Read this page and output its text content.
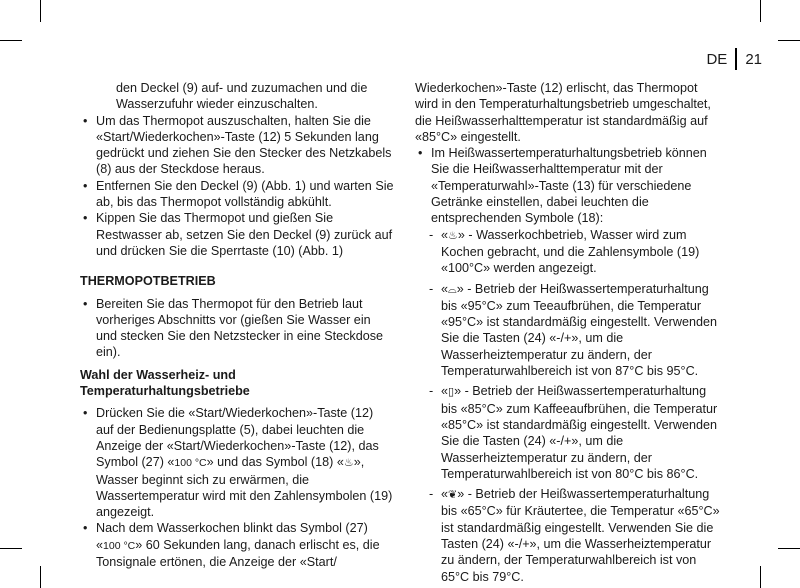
DE 21
den Deckel (9) auf- und zuzumachen und die Wasserzufuhr wieder einzuschalten.
• Um das Thermopot auszuschalten, halten Sie die «Start/Wiederkochen»-Taste (12) 5 Sekunden lang gedrückt und ziehen Sie den Stecker des Netzkabels (8) aus der Steckdose heraus.
• Entfernen Sie den Deckel (9) (Abb. 1) und warten Sie ab, bis das Thermopot vollständig abkühlt.
• Kippen Sie das Thermopot und gießen Sie Restwasser ab, setzen Sie den Deckel (9) zurück auf und drücken Sie die Sperrtaste (10) (Abb. 1)
THERMOPOTBETRIEB
• Bereiten Sie das Thermopot für den Betrieb laut vorheriges Abschnitts vor (gießen Sie Wasser ein und stecken Sie den Netzstecker in eine Steckdose ein).
Wahl der Wasserheiz- und Temperaturhaltungsbetriebe
• Drücken Sie die «Start/Wiederkochen»-Taste (12) auf der Bedienungsplatte (5), dabei leuchten die Anzeige der «Start/Wiederkochen»-Taste (12), das Symbol (27) «100 °C» und das Symbol (18) «♨», Wasser beginnt sich zu erwärmen, die Wassertemperatur wird mit den Zahlensymbolen (19) angezeigt.
• Nach dem Wasserkochen blinkt das Symbol (27) «100 °C» 60 Sekunden lang, danach erlischt es, die Tonsignale ertönen, die Anzeige der «Start/
Wiederkochen»-Taste (12) erlischt, das Thermopot wird in den Temperaturhaltungsbetrieb umgeschaltet, die Heißwasserhalttemperatur ist standardmäßig auf «85°C» eingestellt.
• Im Heißwassertemperaturhaltungsbetrieb können Sie die Heißwasserhalttemperatur mit der «Temperaturwahl»-Taste (13) für verschiedene Getränke einstellen, dabei leuchten die entsprechenden Symbole (18):
- «♨» - Wasserkochbetrieb, Wasser wird zum Kochen gebracht, und die Zahlensymbole (19) «100°C» werden angezeigt.
- «⌓» - Betrieb der Heißwassertemperaturhaltung bis «95°C» zum Teeaufbrühen, die Temperatur «95°C» ist standardmäßig eingestellt. Verwenden Sie die Tasten (24) «-/+», um die Wasserheiztemperatur zu ändern, der Temperaturwahlbereich ist von 87°C bis 95°C.
- «▯» - Betrieb der Heißwassertemperaturhaltung bis «85°C» zum Kaffeeaufbrühen, die Temperatur «85°C» ist standardmäßig eingestellt. Verwenden Sie die Tasten (24) «-/+», um die Wasserheiztemperatur zu ändern, der Temperaturwahlbereich ist von 80°C bis 86°C.
- «❦» - Betrieb der Heißwassertemperaturhaltung bis «65°C» für Kräutertee, die Temperatur «65°C» ist standardmäßig eingestellt. Verwenden Sie die Tasten (24) «-/+», um die Wasserheiztemperatur zu ändern, der Temperaturwahlbereich ist von 65°C bis 79°C.
